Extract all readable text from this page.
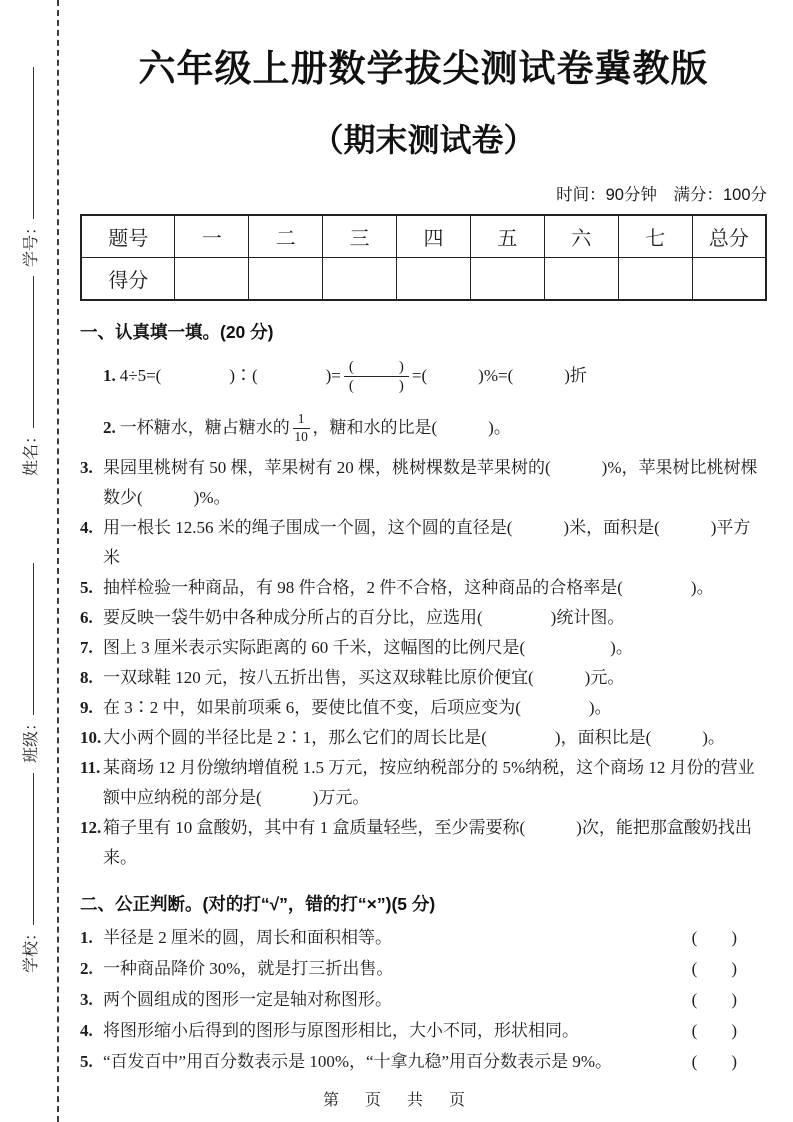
学号：
姓名：
班级：
学校：
六年级上册数学拔尖测试卷冀教版
（期末测试卷）
时间：90分钟　满分：100分
题号	一	二	三	四	五	六	七	总分
得分								
一、认真填一填。(20 分)
1. 4÷5=(　　　　)∶(　　　　)= $\frac{( )}{( )}$ =(　　　)%=(　　　)折
2. 一杯糖水，糖占糖水的 $\frac{1}{10}$ ，糖和水的比是(　　　)。
3. 果园里桃树有 50 棵，苹果树有 20 棵，桃树棵数是苹果树的(　　　)%，苹果树比桃树棵数少(　　　)%。
4. 用一根长 12.56 米的绳子围成一个圆，这个圆的直径是(　　　)米，面积是(　　　)平方米
5. 抽样检验一种商品，有 98 件合格，2 件不合格，这种商品的合格率是(　　　　)。
6. 要反映一袋牛奶中各种成分所占的百分比，应选用(　　　　)统计图。
7. 图上 3 厘米表示实际距离的 60 千米，这幅图的比例尺是(　　　　　)。
8. 一双球鞋 120 元，按八五折出售，买这双球鞋比原价便宜(　　　)元。
9. 在 3∶2 中，如果前项乘 6，要使比值不变，后项应变为(　　　　)。
10. 大小两个圆的半径比是 2∶1，那么它们的周长比是(　　　　)，面积比是(　　　)。
11. 某商场 12 月份缴纳增值税 1.5 万元，按应纳税部分的 5%纳税，这个商场 12 月份的营业额中应纳税的部分是(　　　)万元。
12. 箱子里有 10 盒酸奶，其中有 1 盒质量轻些，至少需要称(　　　)次，能把那盒酸奶找出来。
二、公正判断。(对的打“√”，错的打“×”)(5 分)
1. 半径是 2 厘米的圆，周长和面积相等。	(　　)
2. 一种商品降价 30%，就是打三折出售。	(　　)
3. 两个圆组成的图形一定是轴对称图形。	(　　)
4. 将图形缩小后得到的图形与原图形相比，大小不同，形状相同。	(　　)
5. “百发百中”用百分数表示是 100%，“十拿九稳”用百分数表示是 9%。	(　　)
第　页　共　页
